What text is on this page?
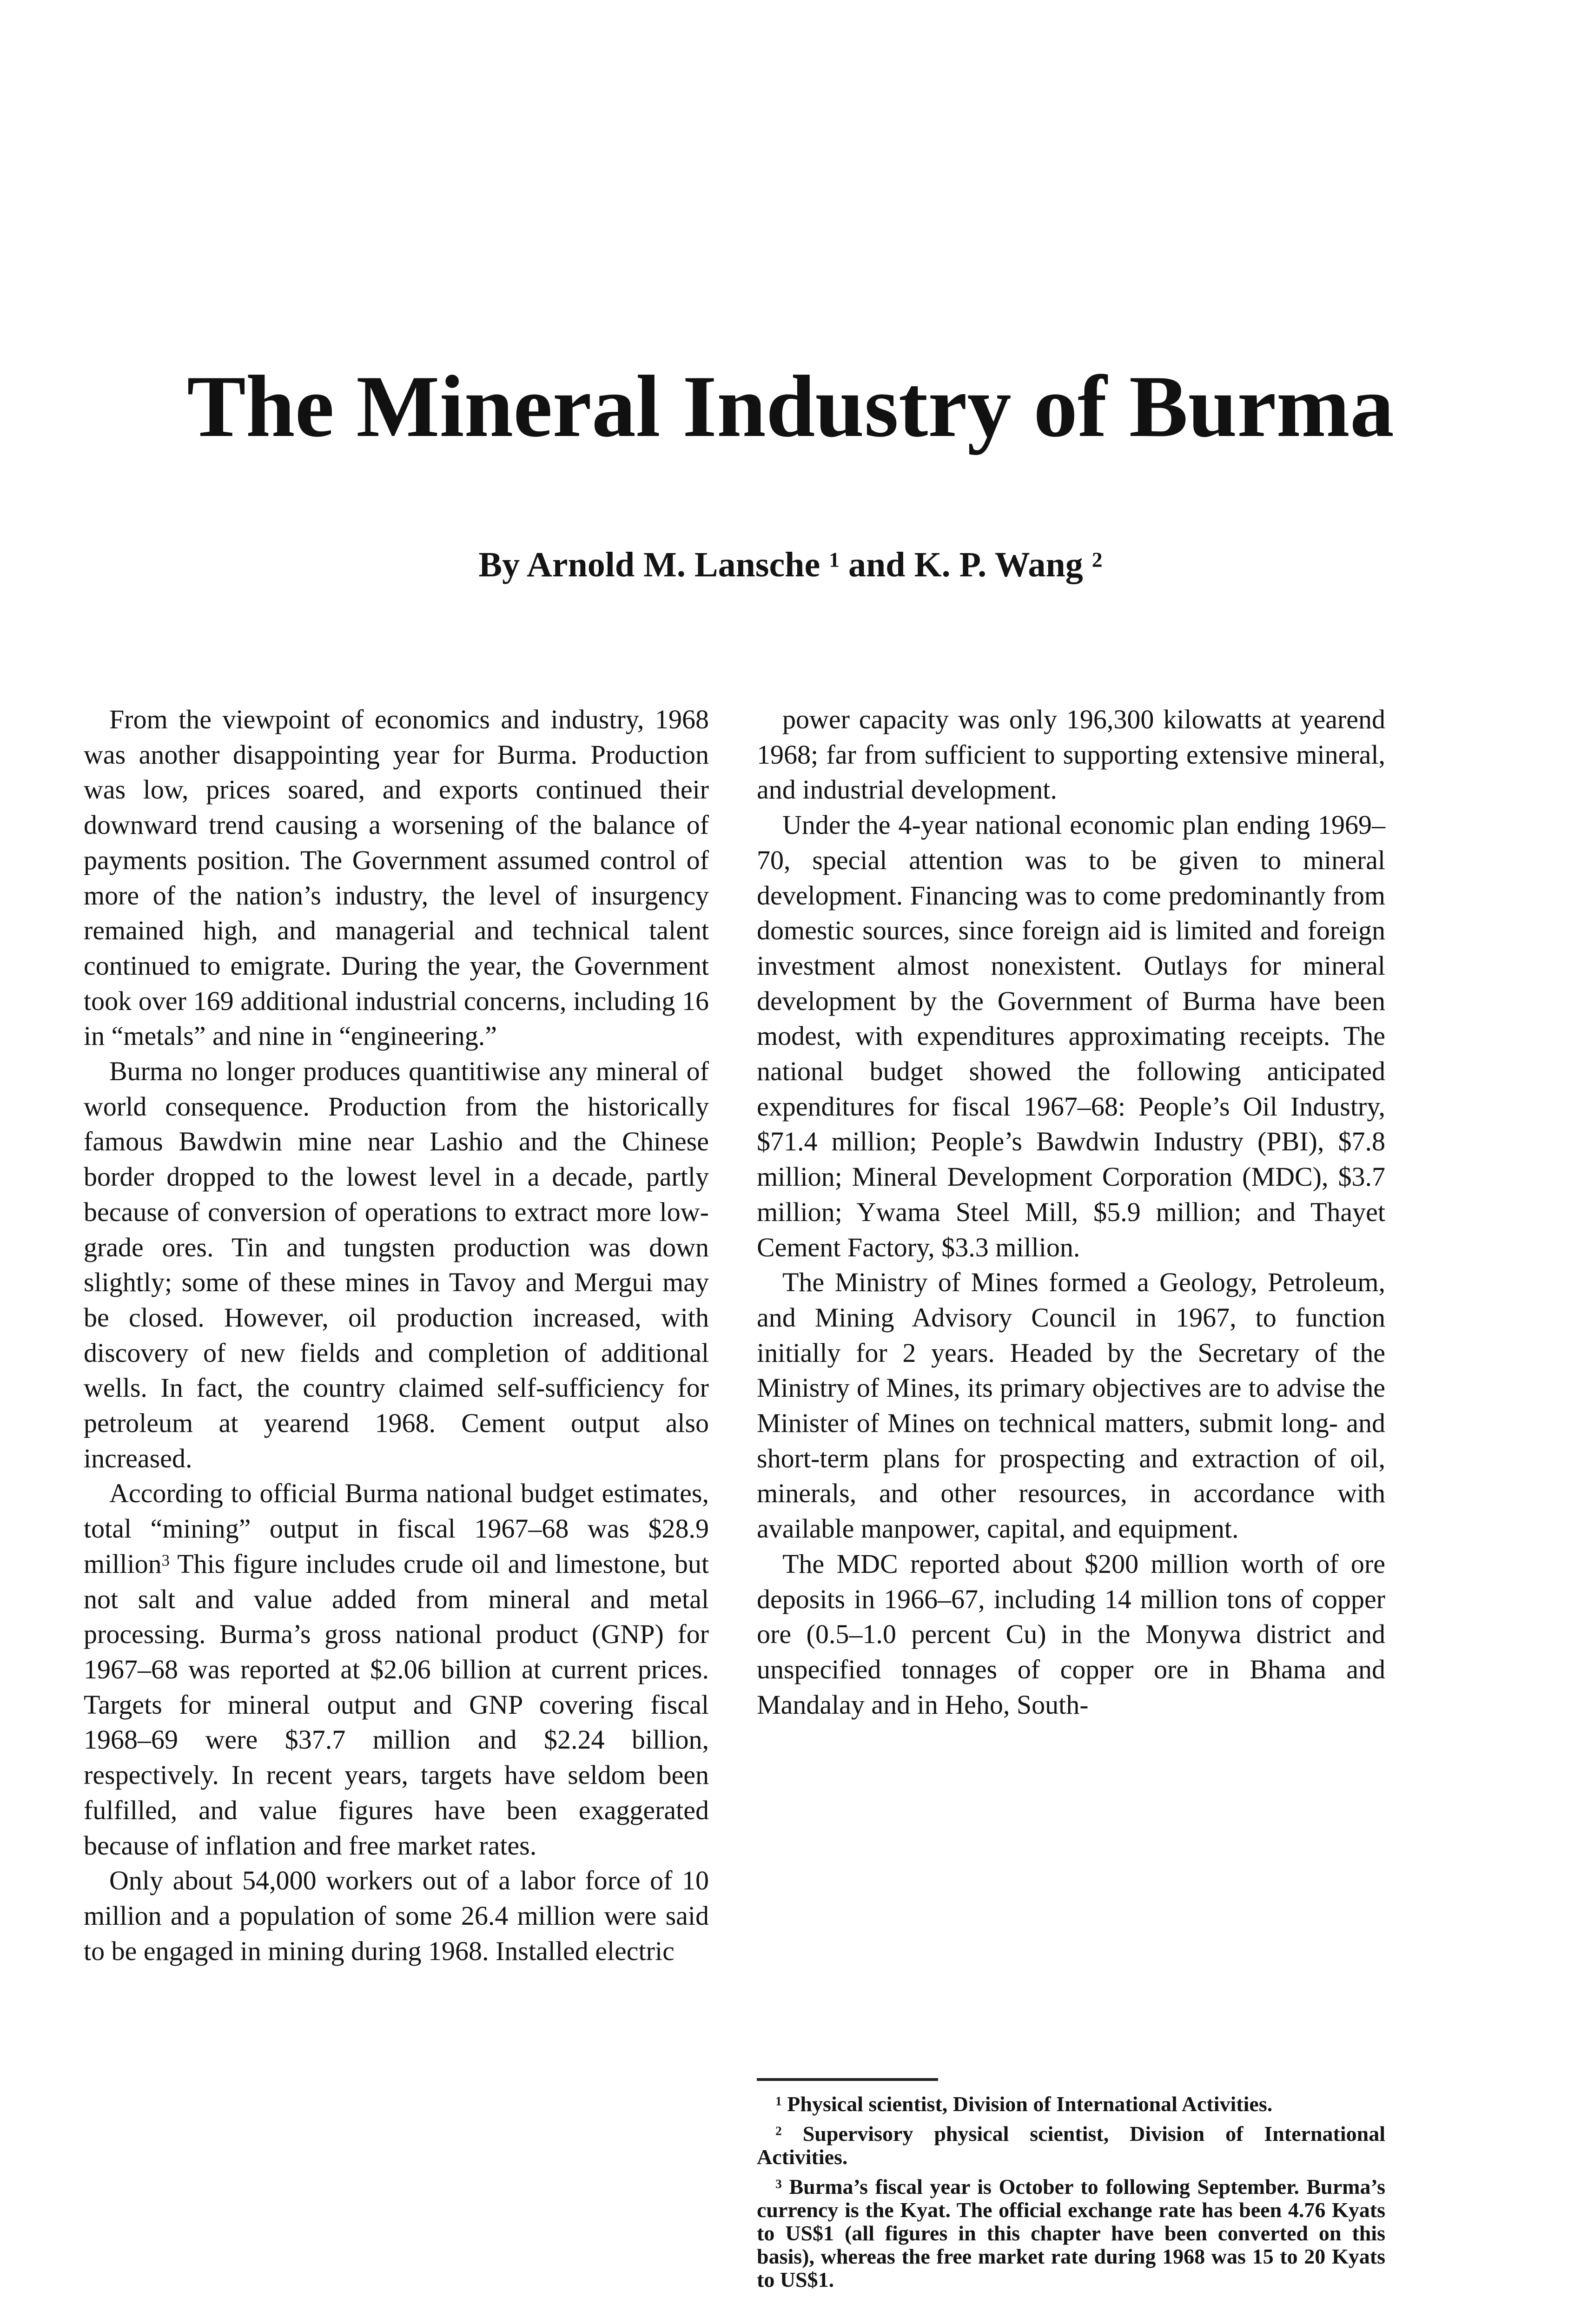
The Mineral Industry of Burma
By Arnold M. Lansche $^1$ and K. P. Wang $^2$

From the viewpoint of economics and industry, 1968 was another disappointing year for Burma. Production was low, prices soared, and exports continued their downward trend causing a worsening of the balance of payments position. The Government assumed control of more of the nation’s industry, the level of insurgency remained high, and managerial and technical talent continued to emigrate. During the year, the Government took over 169 additional industrial concerns, including 16 in “metals” and nine in “engineering.”

Burma no longer produces quantitiwise any mineral of world consequence. Production from the historically famous Bawdwin mine near Lashio and the Chinese border dropped to the lowest level in a decade, partly because of conversion of operations to extract more low-grade ores. Tin and tungsten production was down slightly; some of these mines in Tavoy and Mergui may be closed. However, oil production increased, with discovery of new fields and completion of additional wells. In fact, the country claimed self-sufficiency for petroleum at yearend 1968. Cement output also increased.

According to official Burma national budget estimates, total “mining” output in fiscal 1967–68 was $28.9 million$^3$ This figure includes crude oil and limestone, but not salt and value added from mineral and metal processing. Burma’s gross national product (GNP) for 1967–68 was reported at $2.06 billion at current prices. Targets for mineral output and GNP covering fiscal 1968–69 were $37.7 million and $2.24 billion, respectively. In recent years, targets have seldom been fulfilled, and value figures have been exaggerated because of inflation and free market rates.

Only about 54,000 workers out of a labor force of 10 million and a population of some 26.4 million were said to be engaged in mining during 1968. Installed electric

power capacity was only 196,300 kilowatts at yearend 1968; far from sufficient to supporting extensive mineral, and industrial development.

Under the 4-year national economic plan ending 1969–70, special attention was to be given to mineral development. Financing was to come predominantly from domestic sources, since foreign aid is limited and foreign investment almost nonexistent. Outlays for mineral development by the Government of Burma have been modest, with expenditures approximating receipts. The national budget showed the following anticipated expenditures for fiscal 1967–68: People’s Oil Industry, $71.4 million; People’s Bawdwin Industry (PBI), $7.8 million; Mineral Development Corporation (MDC), $3.7 million; Ywama Steel Mill, $5.9 million; and Thayet Cement Factory, $3.3 million.

The Ministry of Mines formed a Geology, Petroleum, and Mining Advisory Council in 1967, to function initially for 2 years. Headed by the Secretary of the Ministry of Mines, its primary objectives are to advise the Minister of Mines on technical matters, submit long- and short-term plans for prospecting and extraction of oil, minerals, and other resources, in accordance with available manpower, capital, and equipment.

The MDC reported about $200 million worth of ore deposits in 1966–67, including 14 million tons of copper ore (0.5–1.0 percent Cu) in the Monywa district and unspecified tonnages of copper ore in Bhama and Mandalay and in Heho, South-

$^1$ Physical scientist, Division of International Activities.

$^2$ Supervisory physical scientist, Division of International Activities.

$^3$ Burma’s fiscal year is October to following September. Burma’s currency is the Kyat. The official exchange rate has been 4.76 Kyats to US$1 (all figures in this chapter have been converted on this basis), whereas the free market rate during 1968 was 15 to 20 Kyats to US$1.
